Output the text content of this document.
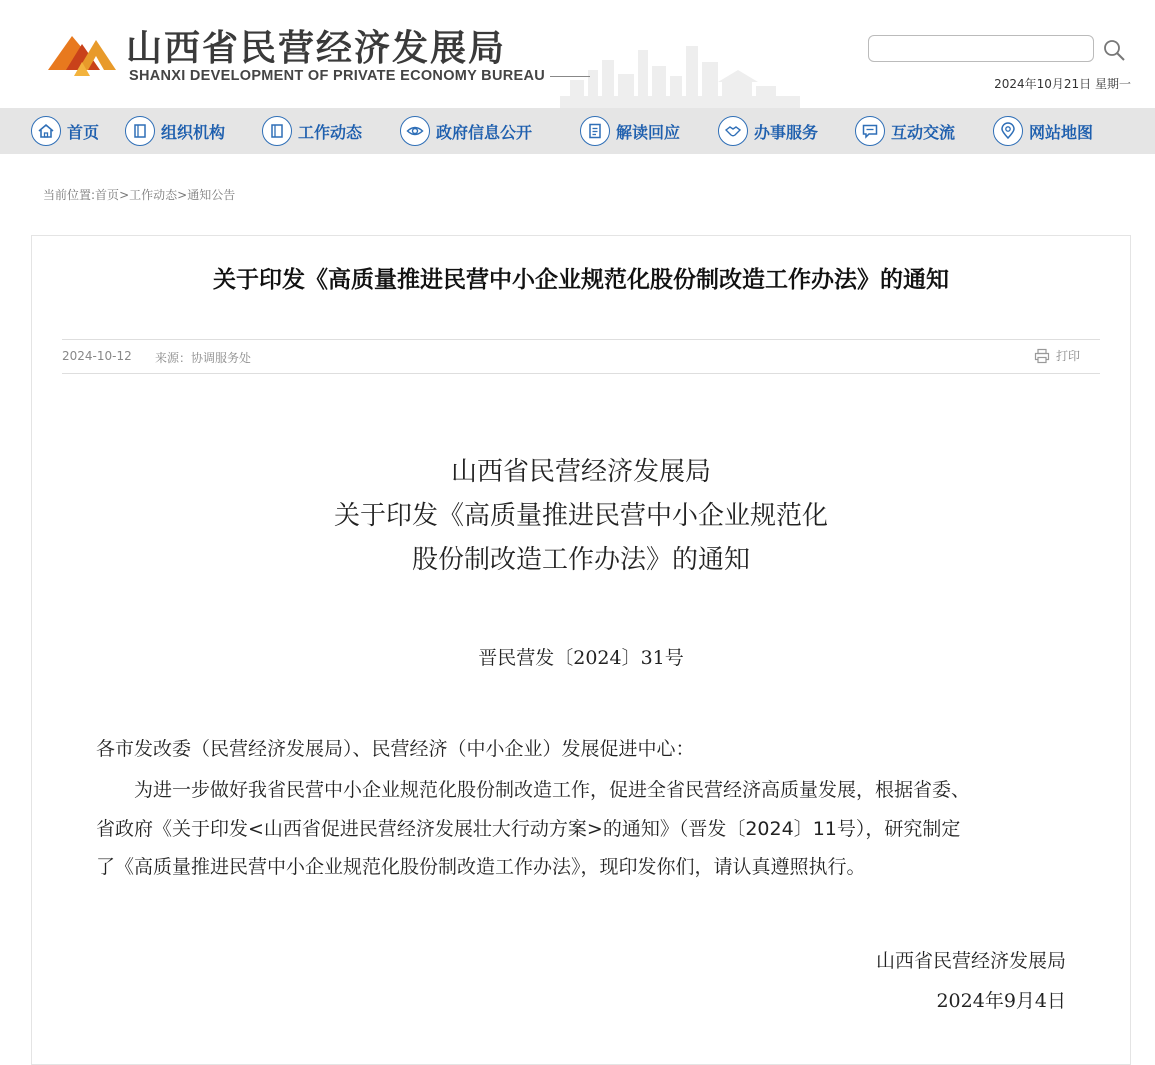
山西省民营经济发展局
SHANXI DEVELOPMENT OF PRIVATE ECONOMY BUREAU	2024年10月21日 星期一
首页	组织机构	工作动态	政府信息公开	解读回应	办事服务	互动交流	网站地图
当前位置:首页>工作动态>通知公告
关于印发《高质量推进民营中小企业规范化股份制改造工作办法》的通知
2024-10-12 来源：协调服务处	打印
山西省民营经济发展局
关于印发《高质量推进民营中小企业规范化
股份制改造工作办法》的通知
晋民营发〔2024〕31号
各市发改委（民营经济发展局）、民营经济（中小企业）发展促进中心：
　　为进一步做好我省民营中小企业规范化股份制改造工作，促进全省民营经济高质量发展，根据省委、
省政府《关于印发<山西省促进民营经济发展壮大行动方案>的通知》（晋发〔2024〕11号），研究制定
了《高质量推进民营中小企业规范化股份制改造工作办法》，现印发你们，请认真遵照执行。
山西省民营经济发展局
2024年9月4日
